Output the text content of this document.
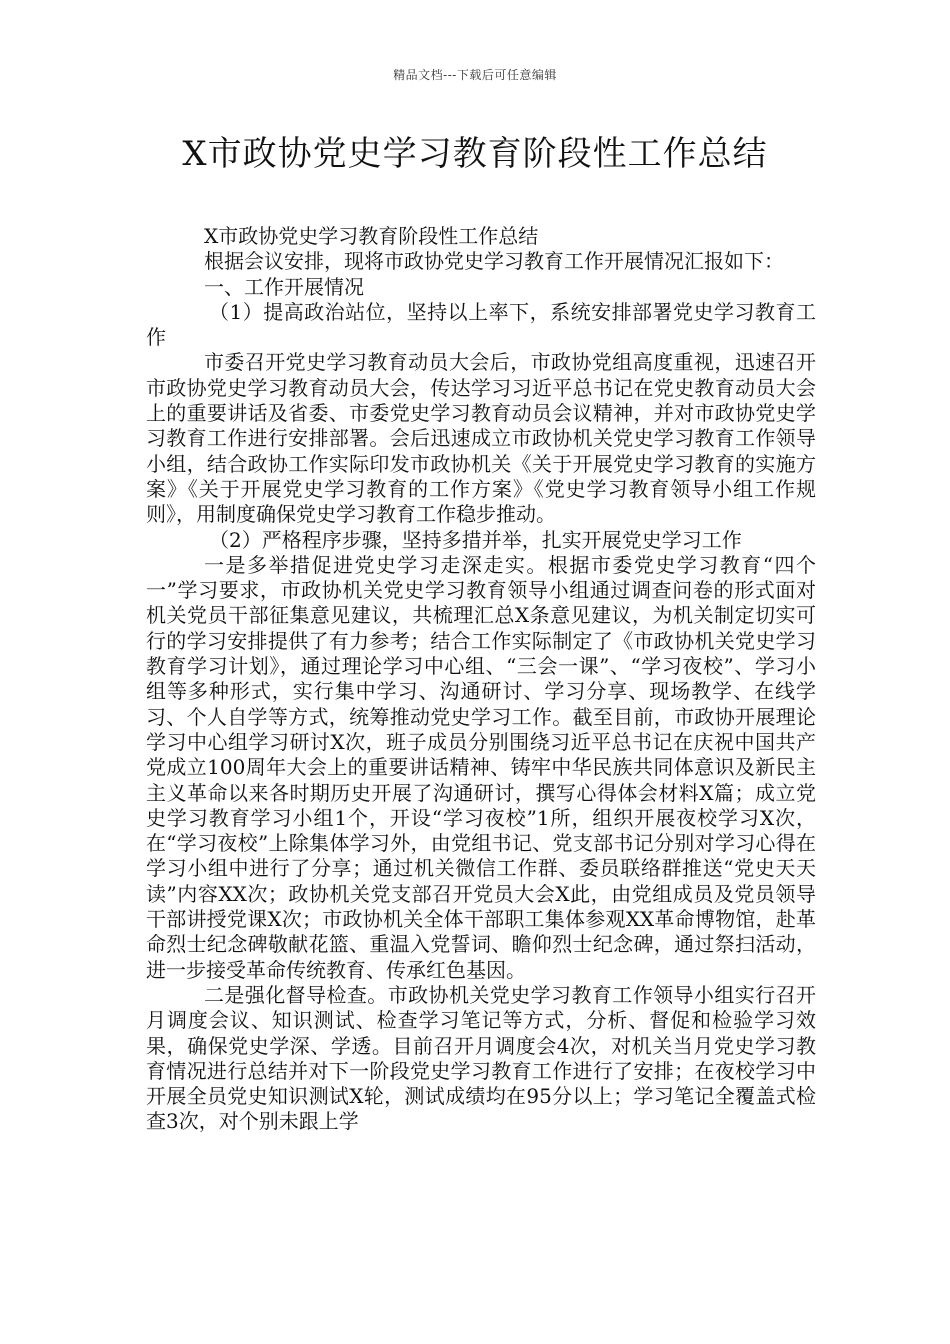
精品文档---下载后可任意编辑
X市政协党史学习教育阶段性工作总结

X市政协党史学习教育阶段性工作总结

根据会议安排，现将市政协党史学习教育工作开展情况汇报如下：

一、工作开展情况

（1）提高政治站位，坚持以上率下，系统安排部署党史学习教育工作

市委召开党史学习教育动员大会后，市政协党组高度重视，迅速召开市政协党史学习教育动员大会，传达学习习近平总书记在党史教育动员大会上的重要讲话及省委、市委党史学习教育动员会议精神，并对市政协党史学习教育工作进行安排部署。会后迅速成立市政协机关党史学习教育工作领导小组，结合政协工作实际印发市政协机关《关于开展党史学习教育的实施方案》《关于开展党史学习教育的工作方案》《党史学习教育领导小组工作规则》，用制度确保党史学习教育工作稳步推动。

（2）严格程序步骤，坚持多措并举，扎实开展党史学习工作

一是多举措促进党史学习走深走实。根据市委党史学习教育“四个一”学习要求，市政协机关党史学习教育领导小组通过调查问卷的形式面对机关党员干部征集意见建议，共梳理汇总X条意见建议，为机关制定切实可行的学习安排提供了有力参考；结合工作实际制定了《市政协机关党史学习教育学习计划》，通过理论学习中心组、“三会一课”、“学习夜校”、学习小组等多种形式，实行集中学习、沟通研讨、学习分享、现场教学、在线学习、个人自学等方式，统筹推动党史学习工作。截至目前，市政协开展理论学习中心组学习研讨X次，班子成员分别围绕习近平总书记在庆祝中国共产党成立100周年大会上的重要讲话精神、铸牢中华民族共同体意识及新民主主义革命以来各时期历史开展了沟通研讨，撰写心得体会材料X篇；成立党史学习教育学习小组1个，开设“学习夜校”1所，组织开展夜校学习X次，在“学习夜校”上除集体学习外，由党组书记、党支部书记分别对学习心得在学习小组中进行了分享；通过机关微信工作群、委员联络群推送“党史天天读”内容XX次；政协机关党支部召开党员大会X此，由党组成员及党员领导干部讲授党课X次；市政协机关全体干部职工集体参观XX革命博物馆，赴革命烈士纪念碑敬献花篮、重温入党誓词、瞻仰烈士纪念碑，通过祭扫活动，进一步接受革命传统教育、传承红色基因。

二是强化督导检查。市政协机关党史学习教育工作领导小组实行召开月调度会议、知识测试、检查学习笔记等方式，分析、督促和检验学习效果，确保党史学深、学透。目前召开月调度会4次，对机关当月党史学习教育情况进行总结并对下一阶段党史学习教育工作进行了安排；在夜校学习中开展全员党史知识测试X轮，测试成绩均在95分以上；学习笔记全覆盖式检查3次，对个别未跟上学
